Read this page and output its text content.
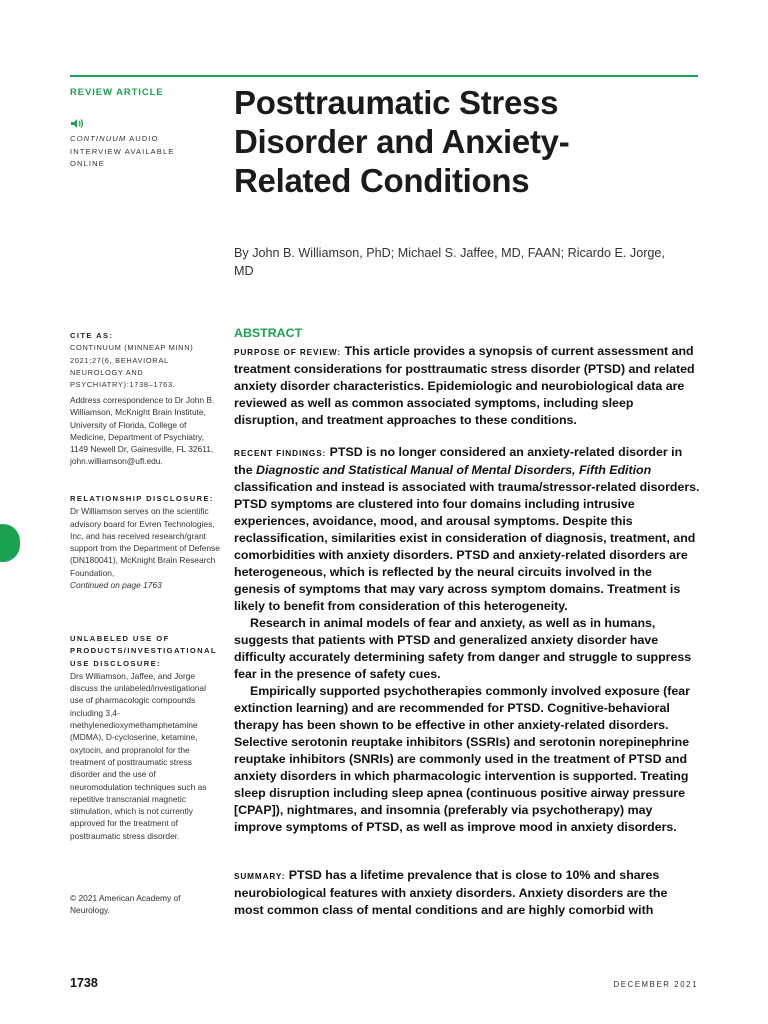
REVIEW ARTICLE
CONTINUUM AUDIO
INTERVIEW AVAILABLE
ONLINE
CITE AS:
CONTINUUM (MINNEAP MINN) 2021;27(6, BEHAVIORAL NEUROLOGY AND PSYCHIATRY):1738–1763.
Address correspondence to Dr John B. Williamson, McKnight Brain Institute, University of Florida, College of Medicine, Department of Psychiatry, 1149 Newell Dr, Gainesville, FL 32611, john.williamson@ufl.edu.
RELATIONSHIP DISCLOSURE:
Dr Williamson serves on the scientific advisory board for Evren Technologies, Inc, and has received research/grant support from the Department of Defense (DN180041), McKnight Brain Research Foundation,
Continued on page 1763
UNLABELED USE OF PRODUCTS/INVESTIGATIONAL USE DISCLOSURE:
Drs Williamson, Jaffee, and Jorge discuss the unlabeled/investigational use of pharmacologic compounds including 3,4-methylenedioxymethamphetamine (MDMA), D-cycloserine, ketamine, oxytocin, and propranolol for the treatment of posttraumatic stress disorder and the use of neuromodulation techniques such as repetitive transcranial magnetic stimulation, which is not currently approved for the treatment of posttraumatic stress disorder.
© 2021 American Academy of Neurology.
Posttraumatic Stress Disorder and Anxiety-Related Conditions
By John B. Williamson, PhD; Michael S. Jaffee, MD, FAAN; Ricardo E. Jorge, MD
ABSTRACT

PURPOSE OF REVIEW: This article provides a synopsis of current assessment and treatment considerations for posttraumatic stress disorder (PTSD) and related anxiety disorder characteristics. Epidemiologic and neurobiological data are reviewed as well as common associated symptoms, including sleep disruption, and treatment approaches to these conditions.

RECENT FINDINGS: PTSD is no longer considered an anxiety-related disorder in the Diagnostic and Statistical Manual of Mental Disorders, Fifth Edition classification and instead is associated with trauma/stressor-related disorders. PTSD symptoms are clustered into four domains including intrusive experiences, avoidance, mood, and arousal symptoms. Despite this reclassification, similarities exist in consideration of diagnosis, treatment, and comorbidities with anxiety disorders. PTSD and anxiety-related disorders are heterogeneous, which is reflected by the neural circuits involved in the genesis of symptoms that may vary across symptom domains. Treatment is likely to benefit from consideration of this heterogeneity.

Research in animal models of fear and anxiety, as well as in humans, suggests that patients with PTSD and generalized anxiety disorder have difficulty accurately determining safety from danger and struggle to suppress fear in the presence of safety cues.

Empirically supported psychotherapies commonly involved exposure (fear extinction learning) and are recommended for PTSD. Cognitive-behavioral therapy has been shown to be effective in other anxiety-related disorders. Selective serotonin reuptake inhibitors (SSRIs) and serotonin norepinephrine reuptake inhibitors (SNRIs) are commonly used in the treatment of PTSD and anxiety disorders in which pharmacologic intervention is supported. Treating sleep disruption including sleep apnea (continuous positive airway pressure [CPAP]), nightmares, and insomnia (preferably via psychotherapy) may improve symptoms of PTSD, as well as improve mood in anxiety disorders.

SUMMARY: PTSD has a lifetime prevalence that is close to 10% and shares neurobiological features with anxiety disorders. Anxiety disorders are the most common class of mental conditions and are highly comorbid with

1738	DECEMBER 2021
